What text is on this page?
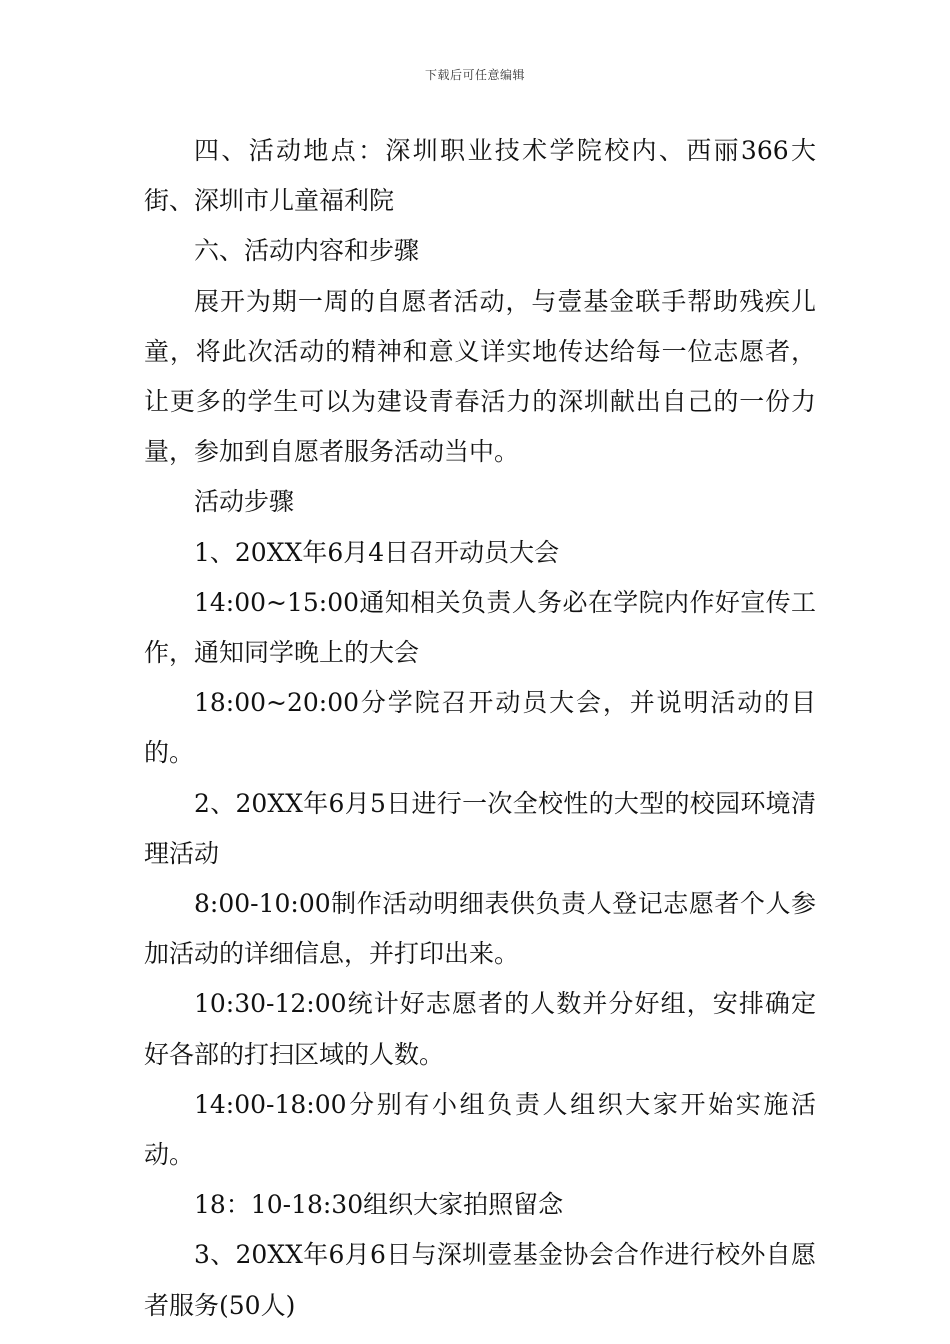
下载后可任意编辑

四、活动地点：深圳职业技术学院校内、西丽366大街、深圳市儿童福利院

六、活动内容和步骤

展开为期一周的自愿者活动，与壹基金联手帮助残疾儿童，将此次活动的精神和意义详实地传达给每一位志愿者，让更多的学生可以为建设青春活力的深圳献出自己的一份力量，参加到自愿者服务活动当中。

活动步骤

1、20XX年6月4日召开动员大会

14:00~15:00通知相关负责人务必在学院内作好宣传工作，通知同学晚上的大会

18:00~20:00分学院召开动员大会，并说明活动的目的。

2、20XX年6月5日进行一次全校性的大型的校园环境清理活动

8:00-10:00制作活动明细表供负责人登记志愿者个人参加活动的详细信息，并打印出来。

10:30-12:00统计好志愿者的人数并分好组，安排确定好各部的打扫区域的人数。

14:00-18:00分别有小组负责人组织大家开始实施活动。

18：10-18:30组织大家拍照留念

3、20XX年6月6日与深圳壹基金协会合作进行校外自愿者服务(50人)
